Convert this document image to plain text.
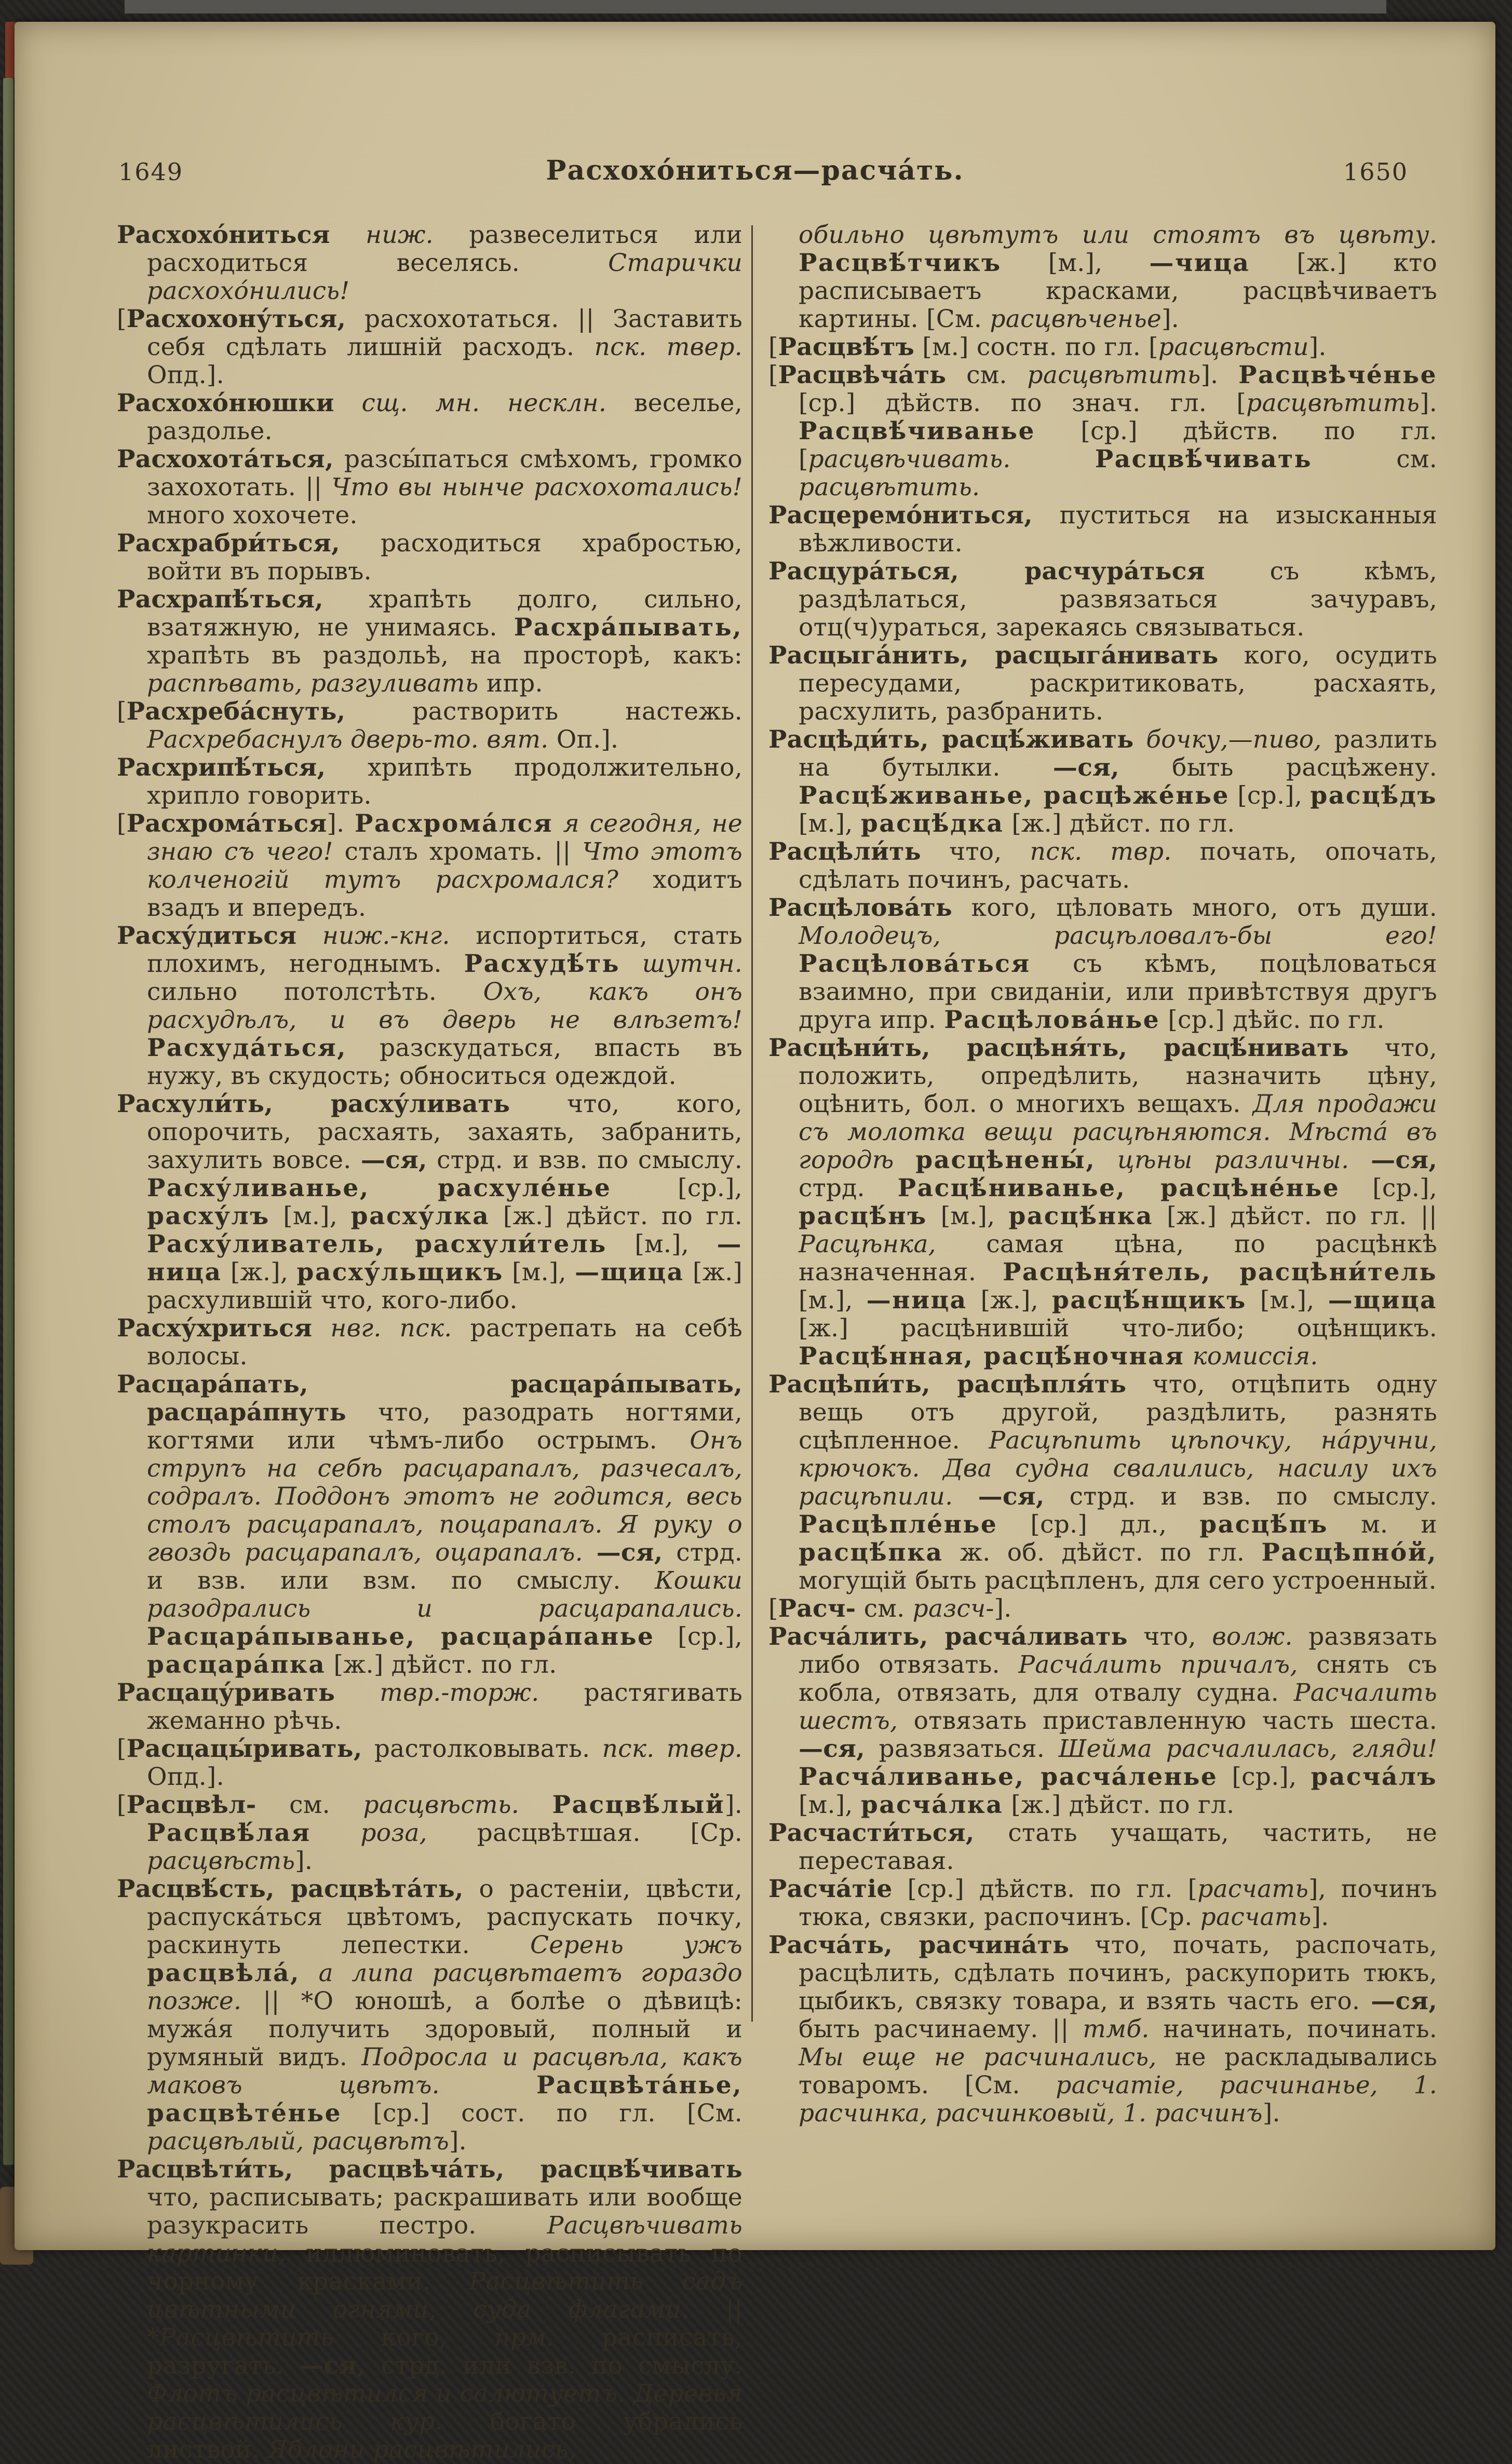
1649	Расхохо́ниться—расча́ть.	1650

Расхохо́ниться ниж. развеселиться или расходиться веселясь. Старички расхохо́нились!

[Расхохону́ться, расхохотаться. || Заставить себя сдѣлать лишній расходъ. пск. твер. Опд.].

Расхохо́нюшки сщ. мн. несклн. веселье, раздолье.

Расхохота́ться, разсы́паться смѣхомъ, громко захохотать. || Что вы нынче расхохотались! много хохочете.

Расхрабри́ться, расходиться храбростью, войти въ порывъ.

Расхрапѣ́ться, храпѣть долго, сильно, взатяжную, не унимаясь. Расхра́пывать, храпѣть въ раздольѣ, на просторѣ, какъ: распѣвать, разгуливать ипр.

[Расхреба́снуть, растворить настежь. Расхребаснулъ дверь-то. вят. Оп.].

Расхрипѣ́ться, хрипѣть продолжительно, хрипло говорить.

[Расхрома́ться]. Расхрома́лся я сегодня, не знаю съ чего! сталъ хромать. || Что этотъ колченогій тутъ расхромался? ходитъ взадъ и впередъ.

Расху́диться ниж.-кнг. испортиться, стать плохимъ, негоднымъ. Расхудѣ́ть шутчн. сильно потолстѣть. Охъ, какъ онъ расхудѣлъ, и въ дверь не влѣзетъ! Расхуда́ться, разскудаться, впасть въ нужу, въ скудость; обноситься одеждой.

Расхули́ть, расху́ливать что, кого, опорочить, расхаять, захаять, забранить, захулить вовсе. —ся, стрд. и взв. по смыслу. Расху́ливанье, расхуле́нье [ср.], расху́лъ [м.], расху́лка [ж.] дѣйст. по гл. Расху́ливатель, расхули́тель [м.], —ница [ж.], расху́льщикъ [м.], —щица [ж.] расхулившій что, кого-либо.

Расху́хриться нвг. пск. растрепать на себѣ волосы.

Расцара́пать, расцара́пывать, расцара́пнуть что, разодрать ногтями, когтями или чѣмъ-либо острымъ. Онъ струпъ на себѣ расцарапалъ, разчесалъ, содралъ. Поддонъ этотъ не годится, весь столъ расцарапалъ, поцарапалъ. Я руку о гвоздь расцарапалъ, оцарапалъ. —ся, стрд. и взв. или взм. по смыслу. Кошки разодрались и расцарапались. Расцара́пыванье, расцара́панье [ср.], расцара́пка [ж.] дѣйст. по гл.

Расцацу́ривать твр.-торж. растягивать жеманно рѣчь.

[Расцацы́ривать, растолковывать. пск. твер. Опд.].

[Расцвѣл- см. расцвѣсть. Расцвѣ́лый]. Расцвѣ́лая роза, расцвѣтшая. [Ср. расцвѣсть].

Расцвѣ́сть, расцвѣта́ть, о растеніи, цвѣсти, распуска́ться цвѣтомъ, распускать почку, раскинуть лепестки. Серень ужъ расцвѣла́, а липа расцвѣтаетъ гораздо позже. || *О юношѣ, а болѣе о дѣвицѣ: мужа́я получить здоровый, полный и румяный видъ. Подросла и расцвѣла, какъ маковъ цвѣтъ.	Расцвѣта́нье, расцвѣте́нье [ср.] сост. по гл. [См. расцвѣлый, расцвѣтъ].

Расцвѣти́ть, расцвѣча́ть, расцвѣ́чивать что, расписывать; раскрашивать или вообще разукрасить пестро. Расцвѣчивать картинки, иллюминовать, расписывать по чорному красками. Расцвѣтить садъ цвѣтными огнями, суда флагами. || *Расцвѣтить кого, прм. расписать, разругать. —ся, стрд. или взв. по смыслу. Флотъ расцвѣтился и салютуетъ. Деревья расцвѣтились кур. богато убрались листвой. Яблони расцвѣтились,

обильно цвѣтутъ или стоятъ въ цвѣту. Расцвѣ́тчикъ [м.], —чица [ж.] кто расписываетъ красками, расцвѣчиваетъ картины. [См. расцвѣченье].

[Расцвѣ́тъ [м.] состн. по гл. [расцвѣсти].

[Расцвѣча́ть см. расцвѣтить]. Расцвѣче́нье [ср.] дѣйств. по знач. гл. [расцвѣтить]. Расцвѣ́чиванье [ср.] дѣйств. по гл. [расцвѣчивать.	Расцвѣ́чивать см. расцвѣтить.

Расцеремо́ниться, пуститься на изысканныя вѣжливости.

Расцура́ться, расчура́ться съ кѣмъ, раздѣлаться, развязаться зачуравъ, отц(ч)ураться, зарекаясь связываться.

Расцыга́нить, расцыга́нивать кого, осудить пересудами, раскритиковать, расхаять, расхулить, разбранить.

Расцѣди́ть, расцѣ́живать бочку,—пиво, разлить на бутылки. —ся, быть расцѣжену. Расцѣ́живанье, расцѣже́нье [ср.], расцѣ́дъ [м.], расцѣ́дка [ж.] дѣйст. по гл.

Расцѣли́ть что, пск. твр. почать, опочать, сдѣлать починъ, расчать.

Расцѣлова́ть кого, цѣловать много, отъ души. Молодецъ, расцѣловалъ-бы его! Расцѣлова́ться съ кѣмъ, поцѣловаться взаимно, при свиданіи, или привѣтствуя другъ друга ипр. Расцѣлова́нье [ср.] дѣйс. по гл.

Расцѣни́ть, расцѣня́ть, расцѣ́нивать что, положить, опредѣлить, назначить цѣну, оцѣнить, бол. о многихъ вещахъ. Для продажи съ молотка вещи расцѣняются. Мѣста́ въ городѣ расцѣнены́, цѣны различны. —ся, стрд. Расцѣ́ниванье, расцѣне́нье [ср.], расцѣ́нъ [м.], расцѣ́нка [ж.] дѣйст. по гл. || Расцѣнка, самая цѣна, по расцѣнкѣ назначенная. Расцѣня́тель, расцѣни́тель [м.], —ница [ж.], расцѣ́нщикъ [м.], —щица [ж.] расцѣнившій что-либо; оцѣнщикъ. Расцѣ́нная, расцѣ́ночная комиссія.

Расцѣпи́ть, расцѣпля́ть что, отцѣпить одну вещь отъ другой, раздѣлить, разнять сцѣпленное. Расцѣпить цѣпочку, на́ручни, крючокъ. Два судна свалились, насилу ихъ расцѣпили. —ся, стрд. и взв. по смыслу. Расцѣпле́нье [ср.] дл., расцѣ́пъ м. и расцѣ́пка ж. об. дѣйст. по гл. Расцѣпно́й, могущій быть расцѣпленъ, для сего устроенный.

[Расч- см. разсч-].

Расча́лить, расча́ливать что, волж. развязать либо отвязать. Расча́лить причалъ, снять съ кобла, отвязать, для отвалу судна. Расчалить шестъ, отвязать приставленную часть шеста. —ся, развязаться. Шейма расчалилась, гляди! Расча́ливанье, расча́ленье [ср.], расча́лъ [м.], расча́лка [ж.] дѣйст. по гл.

Расчасти́ться, стать учащать, частить, не переставая.

Расча́тіе [ср.] дѣйств. по гл. [расчать], починъ тюка, связки, распочинъ. [Ср. расчать].

Расча́ть, расчина́ть что, почать, распочать, расцѣлить, сдѣлать починъ, раскупорить тюкъ, цыбикъ, связку товара, и взять часть его. —ся, быть расчинаему. || тмб. начинать, починать. Мы еще не расчинались, не раскладывались товаромъ. [См. расчатіе, расчинанье, 1. расчинка, расчинковый, 1. расчинъ].
